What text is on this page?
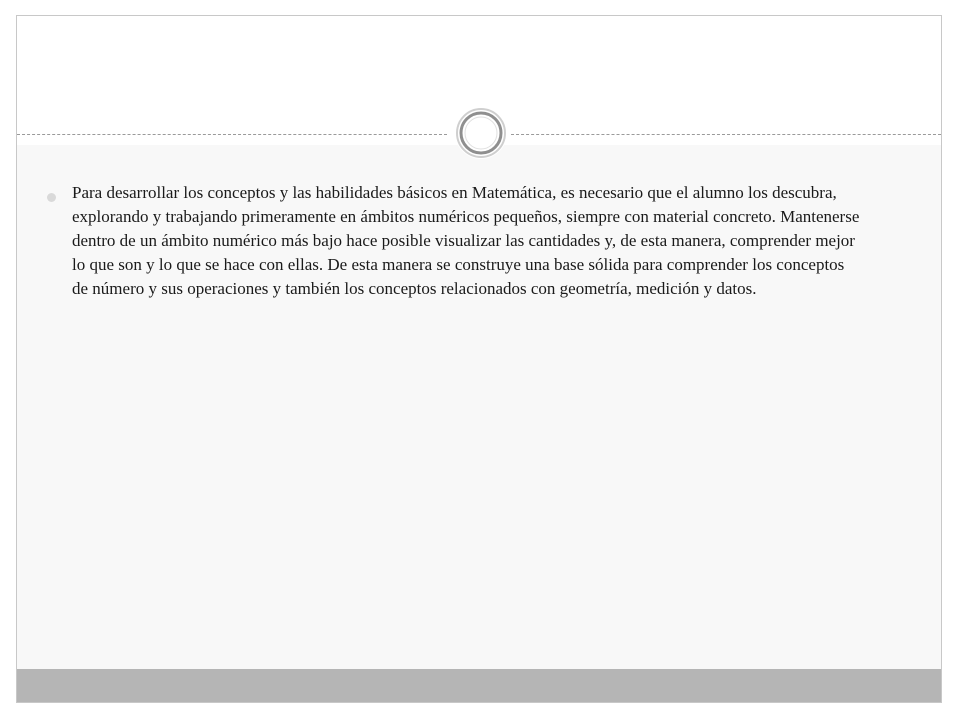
Para desarrollar los conceptos y las habilidades básicos en Matemática, es necesario que el alumno los descubra, explorando y trabajando primeramente en ámbitos numéricos pequeños, siempre con material concreto. Mantenerse dentro de un ámbito numérico más bajo hace posible visualizar las cantidades y, de esta manera, comprender mejor lo que son y lo que se hace con ellas. De esta manera se construye una base sólida para comprender los conceptos de número y sus operaciones y también los conceptos relacionados con geometría, medición y datos.
